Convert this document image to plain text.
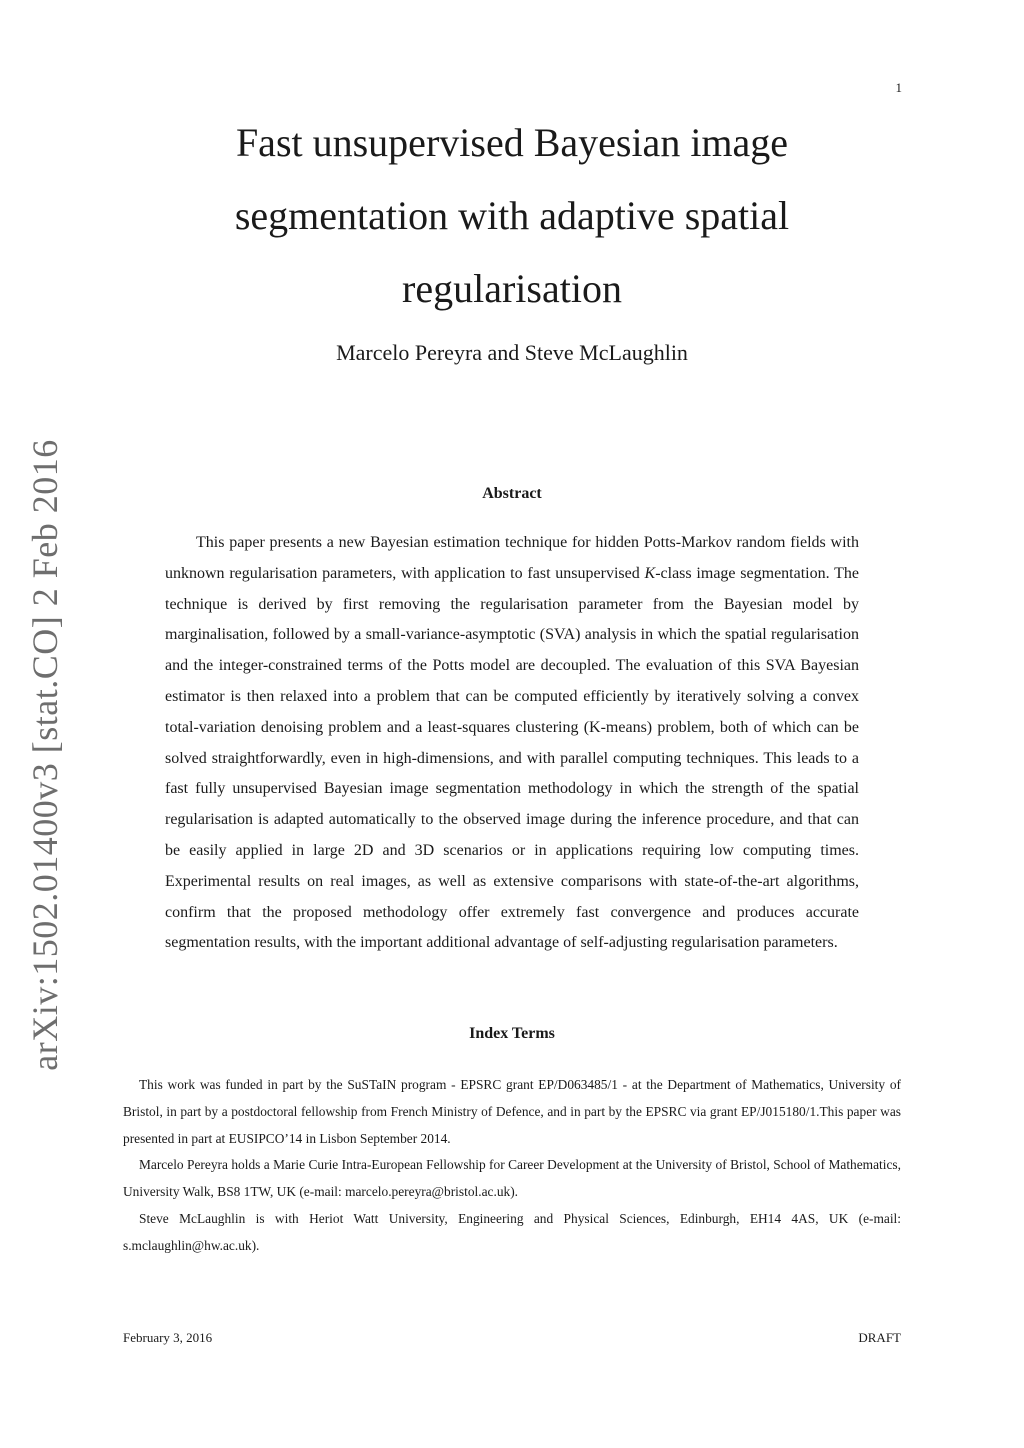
1
arXiv:1502.01400v3 [stat.CO] 2 Feb 2016
Fast unsupervised Bayesian image
segmentation with adaptive spatial
regularisation
Marcelo Pereyra and Steve McLaughlin
Abstract

This paper presents a new Bayesian estimation technique for hidden Potts-Markov random fields with unknown regularisation parameters, with application to fast unsupervised K-class image segmentation. The technique is derived by first removing the regularisation parameter from the Bayesian model by marginalisation, followed by a small-variance-asymptotic (SVA) analysis in which the spatial regularisation and the integer-constrained terms of the Potts model are decoupled. The evaluation of this SVA Bayesian estimator is then relaxed into a problem that can be computed efficiently by iteratively solving a convex total-variation denoising problem and a least-squares clustering (K-means) problem, both of which can be solved straightforwardly, even in high-dimensions, and with parallel computing techniques. This leads to a fast fully unsupervised Bayesian image segmentation methodology in which the strength of the spatial regularisation is adapted automatically to the observed image during the inference procedure, and that can be easily applied in large 2D and 3D scenarios or in applications requiring low computing times. Experimental results on real images, as well as extensive comparisons with state-of-the-art algorithms, confirm that the proposed methodology offer extremely fast convergence and produces accurate segmentation results, with the important additional advantage of self-adjusting regularisation parameters.

Index Terms

This work was funded in part by the SuSTaIN program - EPSRC grant EP/D063485/1 - at the Department of Mathematics, University of Bristol, in part by a postdoctoral fellowship from French Ministry of Defence, and in part by the EPSRC via grant EP/J015180/1.This paper was presented in part at EUSIPCO’14 in Lisbon September 2014.

Marcelo Pereyra holds a Marie Curie Intra-European Fellowship for Career Development at the University of Bristol, School of Mathematics, University Walk, BS8 1TW, UK (e-mail: marcelo.pereyra@bristol.ac.uk).

Steve McLaughlin is with Heriot Watt University, Engineering and Physical Sciences, Edinburgh, EH14 4AS, UK (e-mail: s.mclaughlin@hw.ac.uk).

February 3, 2016	DRAFT
